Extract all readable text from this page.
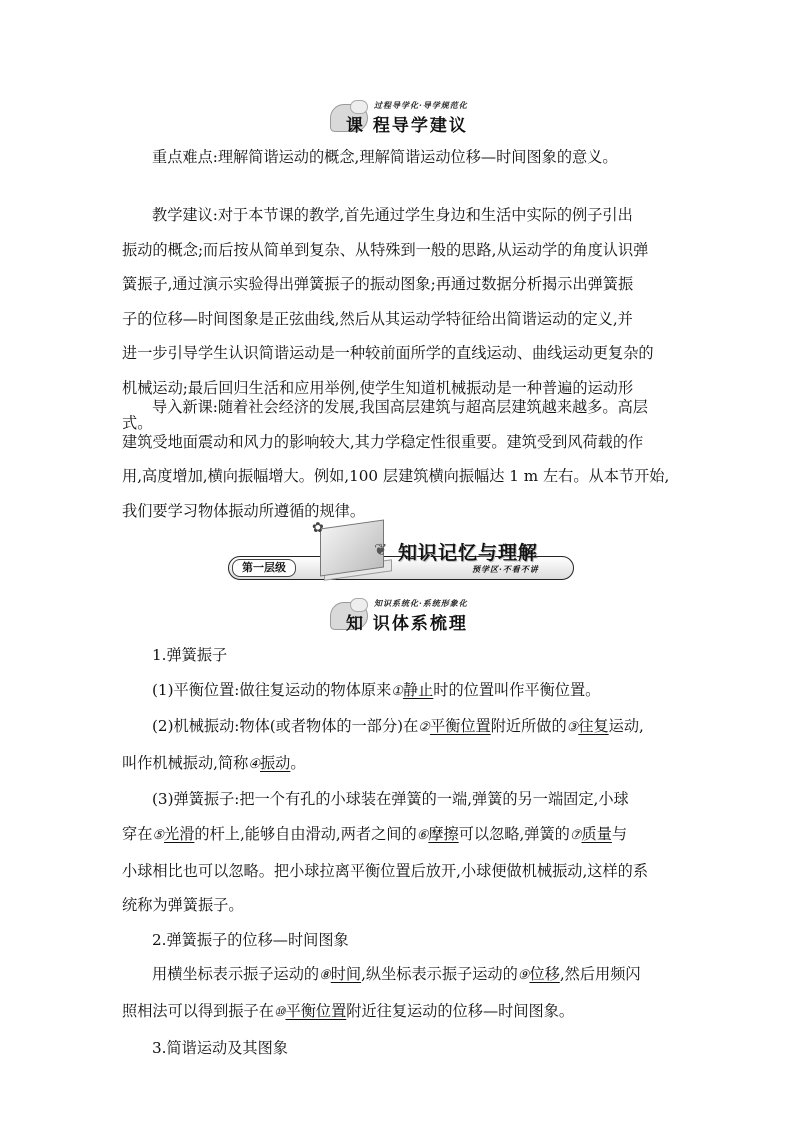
过程导学化·导学规范化
课 程导学建议

重点难点:理解简谐运动的概念,理解简谐运动位移—时间图象的意义。

教学建议:对于本节课的教学,首先通过学生身边和生活中实际的例子引出
振动的概念;而后按从简单到复杂、从特殊到一般的思路,从运动学的角度认识弹
簧振子,通过演示实验得出弹簧振子的振动图象;再通过数据分析揭示出弹簧振
子的位移—时间图象是正弦曲线,然后从其运动学特征给出简谐运动的定义,并
进一步引导学生认识简谐运动是一种较前面所学的直线运动、曲线运动更复杂的
机械运动;最后回归生活和应用举例,使学生知道机械振动是一种普遍的运动形
式。

导入新课:随着社会经济的发展,我国高层建筑与超高层建筑越来越多。高层
建筑受地面震动和风力的影响较大,其力学稳定性很重要。建筑受到风荷载的作
用,高度增加,横向振幅增大。例如,100 层建筑横向振幅达 1 m 左右。从本节开始,
我们要学习物体振动所遵循的规律。

第一层级
✿
❦ 知识记忆与理解
预学区·不看不讲
知识系统化·系统形象化
知 识体系梳理

1.弹簧振子
(1)平衡位置:做往复运动的物体原来①静止时的位置叫作平衡位置。
(2)机械振动:物体(或者物体的一部分)在②平衡位置附近所做的③往复运动,
叫作机械振动,简称④振动。
(3)弹簧振子:把一个有孔的小球装在弹簧的一端,弹簧的另一端固定,小球
穿在⑤光滑的杆上,能够自由滑动,两者之间的⑥摩擦可以忽略,弹簧的⑦质量与
小球相比也可以忽略。把小球拉离平衡位置后放开,小球便做机械振动,这样的系
统称为弹簧振子。
2.弹簧振子的位移—时间图象
用横坐标表示振子运动的⑧时间,纵坐标表示振子运动的⑨位移,然后用频闪
照相法可以得到振子在⑩平衡位置附近往复运动的位移—时间图象。
3.简谐运动及其图象
